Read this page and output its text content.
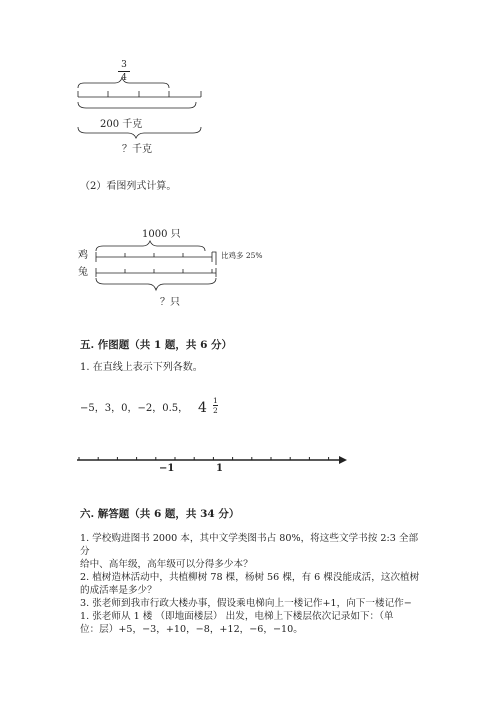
3
4
200 千克
？千克
（2）看图列式计算。
1000 只
鸡
兔
比鸡多 25%
？只
五. 作图题（共 1 题，共 6 分）
1. 在直线上表示下列各数。
−5，3，0，−2，0.5， $4 \frac{1}{2}$
−1	1
六. 解答题（共 6 题，共 34 分）
1. 学校购进图书 2000 本，其中文学类图书占 80%，将这些文学书按 2:3 全部分
给中、高年级，高年级可以分得多少本？
2. 植树造林活动中，共植柳树 78 棵，杨树 56 棵，有 6 棵没能成活，这次植树
的成活率是多少？
3. 张老师到我市行政大楼办事，假设乘电梯向上一楼记作+1，向下一楼记作−
1. 张老师从 1 楼 （即地面楼层） 出发，电梯上下楼层依次记录如下：（单
位：层）+5，−3，+10，−8，+12，−6，−10。
